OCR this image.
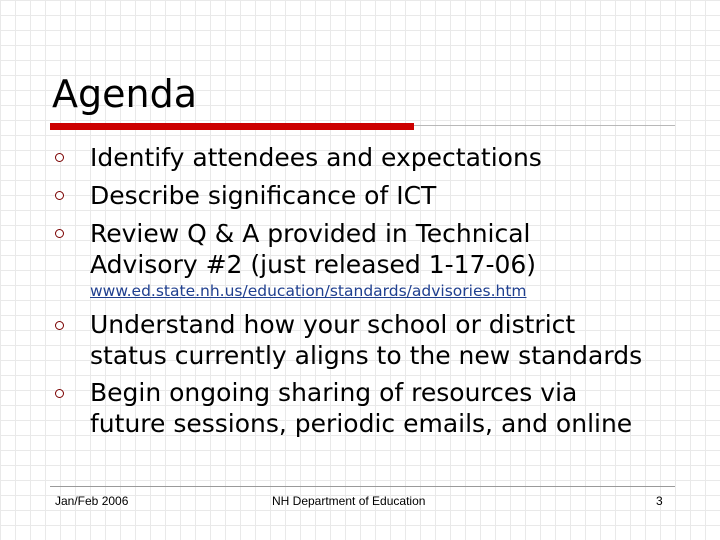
Agenda
Identify attendees and expectations
Describe significance of ICT
Review Q & A provided in Technical
Advisory #2 (just released 1-17-06)
www.ed.state.nh.us/education/standards/advisories.htm
Understand how your school or district
status currently aligns to the new standards
Begin ongoing sharing of resources via
future sessions, periodic emails, and online
Jan/Feb 2006	NH Department of Education	3
